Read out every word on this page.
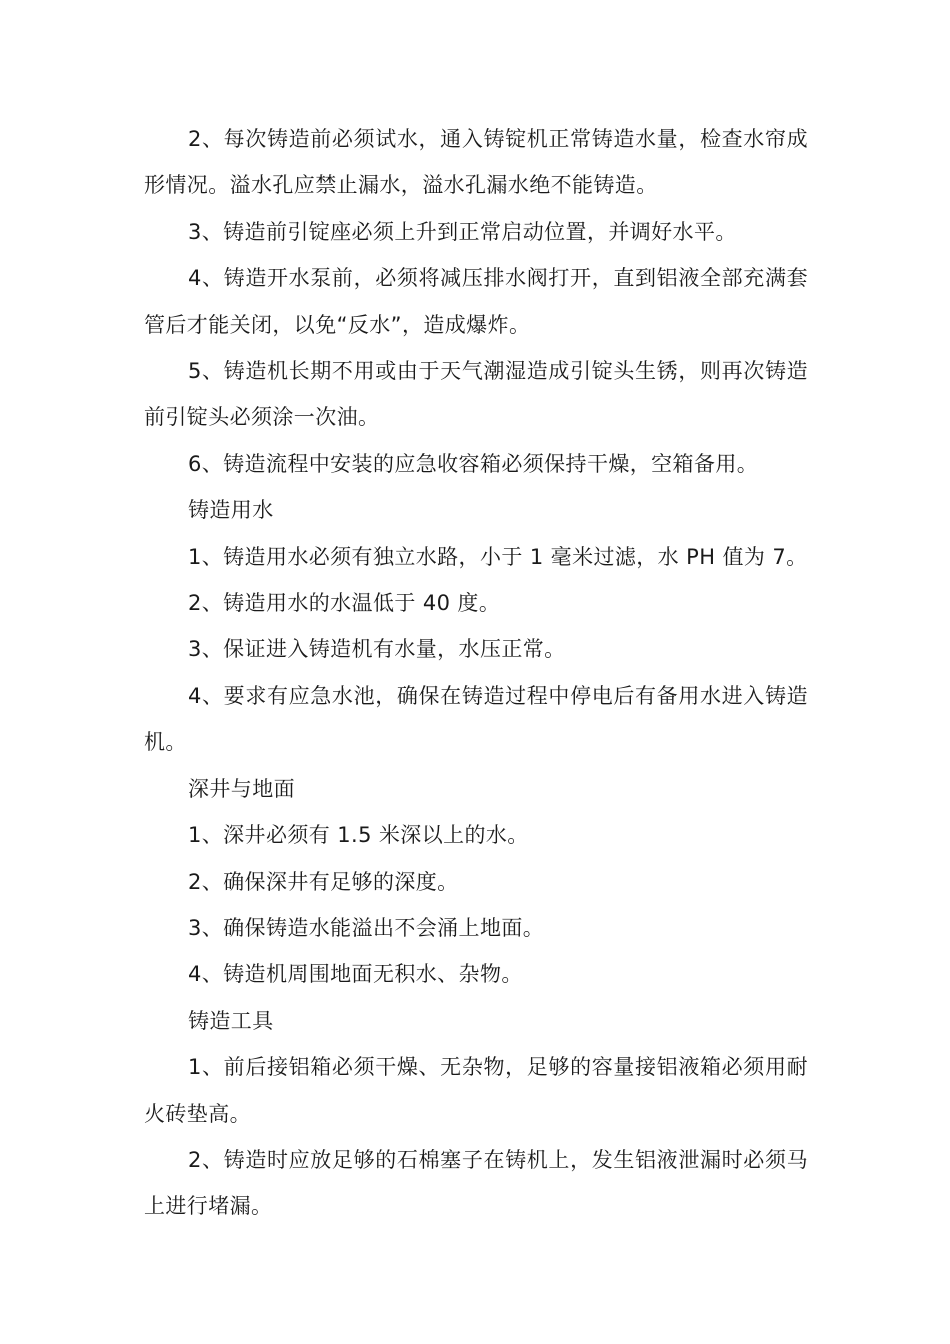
2、每次铸造前必须试水，通入铸锭机正常铸造水量，检查水帘成形情况。溢水孔应禁止漏水，溢水孔漏水绝不能铸造。

3、铸造前引锭座必须上升到正常启动位置，并调好水平。

4、铸造开水泵前，必须将减压排水阀打开，直到铝液全部充满套管后才能关闭，以免“反水”，造成爆炸。

5、铸造机长期不用或由于天气潮湿造成引锭头生锈，则再次铸造前引锭头必须涂一次油。

6、铸造流程中安装的应急收容箱必须保持干燥，空箱备用。

铸造用水

1、铸造用水必须有独立水路，小于 1 毫米过滤，水 PH 值为 7。

2、铸造用水的水温低于 40 度。

3、保证进入铸造机有水量，水压正常。

4、要求有应急水池，确保在铸造过程中停电后有备用水进入铸造机。

深井与地面

1、深井必须有 1.5 米深以上的水。

2、确保深井有足够的深度。

3、确保铸造水能溢出不会涌上地面。

4、铸造机周围地面无积水、杂物。

铸造工具

1、前后接铝箱必须干燥、无杂物，足够的容量接铝液箱必须用耐火砖垫高。

2、铸造时应放足够的石棉塞子在铸机上，发生铝液泄漏时必须马上进行堵漏。
